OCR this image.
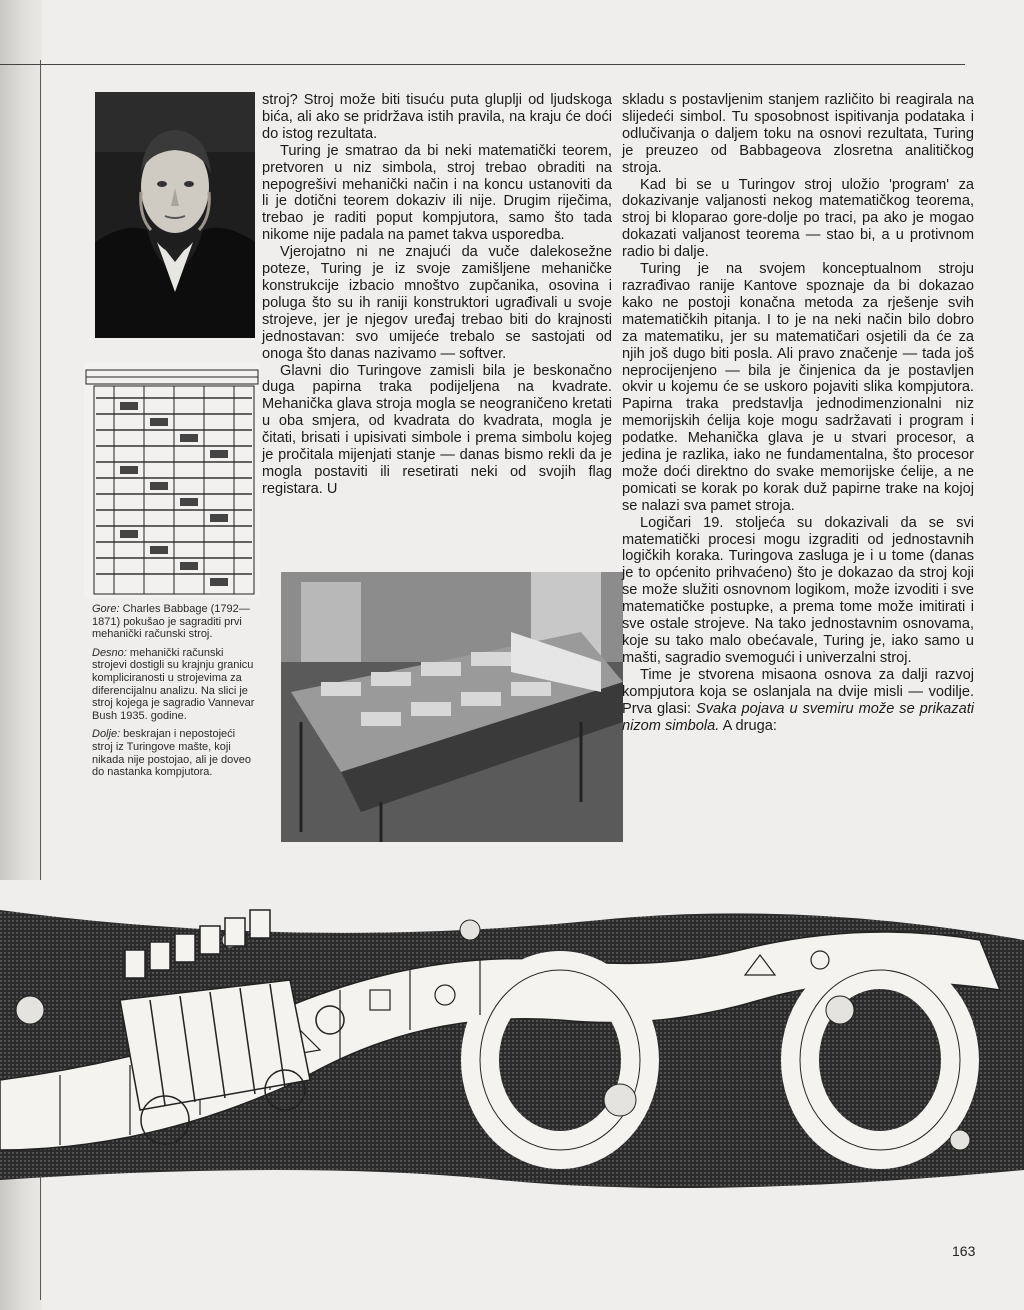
Gore: Charles Babbage (1792—1871) pokušao je sagraditi prvi mehanički računski stroj.

Desno: mehanički računski strojevi dostigli su krajnju granicu kompliciranosti u strojevima za diferencijalnu analizu. Na slici je stroj kojega je sagradio Vannevar Bush 1935. godine.

Dolje: beskrajan i nepostojeći stroj iz Turingove mašte, koji nikada nije postojao, ali je doveo do nastanka kompjutora.

stroj? Stroj može biti tisuću puta gluplji od ljudskoga bića, ali ako se pridržava istih pravila, na kraju će doći do istog rezultata.

Turing je smatrao da bi neki matematički teorem, pretvoren u niz simbola, stroj trebao obraditi na nepogrešivi mehanički način i na koncu ustanoviti da li je dotični teorem dokaziv ili nije. Drugim riječima, trebao je raditi poput kompjutora, samo što tada nikome nije padala na pamet takva usporedba.

Vjerojatno ni ne znajući da vuče dalekosežne poteze, Turing je iz svoje zamišljene mehaničke konstrukcije izbacio mnoštvo zupčanika, osovina i poluga što su ih raniji konstruktori ugrađivali u svoje strojeve, jer je njegov uređaj trebao biti do krajnosti jednostavan: svo umijeće trebalo se sastojati od onoga što danas nazivamo — softver.

Glavni dio Turingove zamisli bila je beskonačno duga papirna traka podijeljena na kvadrate. Mehanička glava stroja mogla se neograničeno kretati u oba smjera, od kvadrata do kvadrata, mogla je čitati, brisati i upisivati simbole i prema simbolu kojeg je pročitala mijenjati stanje — danas bismo rekli da je mogla postaviti ili resetirati neki od svojih flag registara. U

skladu s postavljenim stanjem različito bi reagirala na slijedeći simbol. Tu sposobnost ispitivanja podataka i odlučivanja o daljem toku na osnovi rezultata, Turing je preuzeo od Babbageova zlosretna analitičkog stroja.

Kad bi se u Turingov stroj uložio 'program' za dokazivanje valjanosti nekog matematičkog teorema, stroj bi kloparao gore-dolje po traci, pa ako je mogao dokazati valjanost teorema — stao bi, a u protivnom radio bi dalje.

Turing je na svojem konceptualnom stroju razrađivao ranije Kantove spoznaje da bi dokazao kako ne postoji konačna metoda za rješenje svih matematičkih pitanja. I to je na neki način bilo dobro za matematiku, jer su matematičari osjetili da će za njih još dugo biti posla. Ali pravo značenje — tada još neprocijenjeno — bila je činjenica da je postavljen okvir u kojemu će se uskoro pojaviti slika kompjutora. Papirna traka predstavlja jednodimenzionalni niz memorijskih ćelija koje mogu sadržavati i program i podatke. Mehanička glava je u stvari procesor, a jedina je razlika, iako ne fundamentalna, što procesor može doći direktno do svake memorijske ćelije, a ne pomicati se korak po korak duž papirne trake na kojoj se nalazi sva pamet stroja.

Logičari 19. stoljeća su dokazivali da se svi matematički procesi mogu izgraditi od jednostavnih logičkih koraka. Turingova zasluga je i u tome (danas je to općenito prihvaćeno) što je dokazao da stroj koji se može služiti osnovnom logikom, može izvoditi i sve matematičke postupke, a prema tome može imitirati i sve ostale strojeve. Na tako jednostavnim osnovama, koje su tako malo obećavale, Turing je, iako samo u mašti, sagradio svemogući i univerzalni stroj.

Time je stvorena misaona osnova za dalji razvoj kompjutora koja se oslanjala na dvije misli — vodilje. Prva glasi: Svaka pojava u svemiru može se prikazati nizom simbola. A druga:

163
